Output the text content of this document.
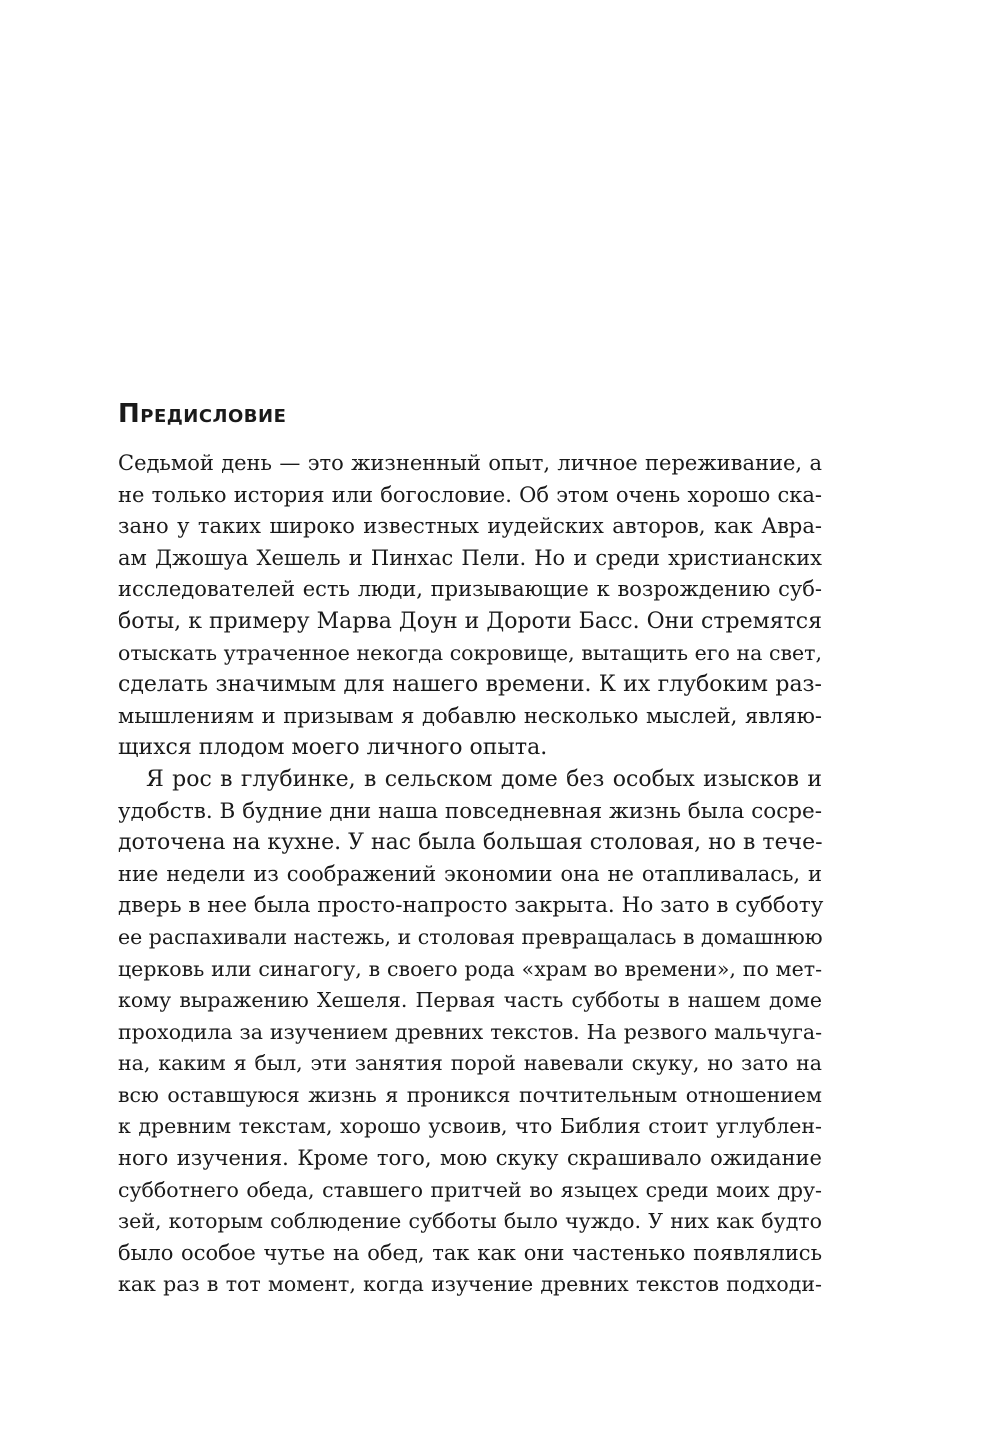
Предисловие
Седьмой день — это жизненный опыт, личное переживание, а
не только история или богословие. Об этом очень хорошо ска-
зано у таких широко известных иудейских авторов, как Авра-
ам Джошуа Хешель и Пинхас Пели. Но и среди христианских
исследователей есть люди, призывающие к возрождению суб-
боты, к примеру Марва Доун и Дороти Басс. Они стремятся
отыскать утраченное некогда сокровище, вытащить его на свет,
сделать значимым для нашего времени. К их глубоким раз-
мышлениям и призывам я добавлю несколько мыслей, являю-
щихся плодом моего личного опыта.
Я рос в глубинке, в сельском доме без особых изысков и
удобств. В будние дни наша повседневная жизнь была сосре-
доточена на кухне. У нас была большая столовая, но в тече-
ние недели из соображений экономии она не отапливалась, и
дверь в нее была просто-напросто закрыта. Но зато в субботу
ее распахивали настежь, и столовая превращалась в домашнюю
церковь или синагогу, в своего рода «храм во времени», по мет-
кому выражению Хешеля. Первая часть субботы в нашем доме
проходила за изучением древних текстов. На резвого мальчуга-
на, каким я был, эти занятия порой навевали скуку, но зато на
всю оставшуюся жизнь я проникся почтительным отношением
к древним текстам, хорошо усвоив, что Библия стоит углублен-
ного изучения. Кроме того, мою скуку скрашивало ожидание
субботнего обеда, ставшего притчей во языцех среди моих дру-
зей, которым соблюдение субботы было чуждо. У них как будто
было особое чутье на обед, так как они частенько появлялись
как раз в тот момент, когда изучение древних текстов подходи-
